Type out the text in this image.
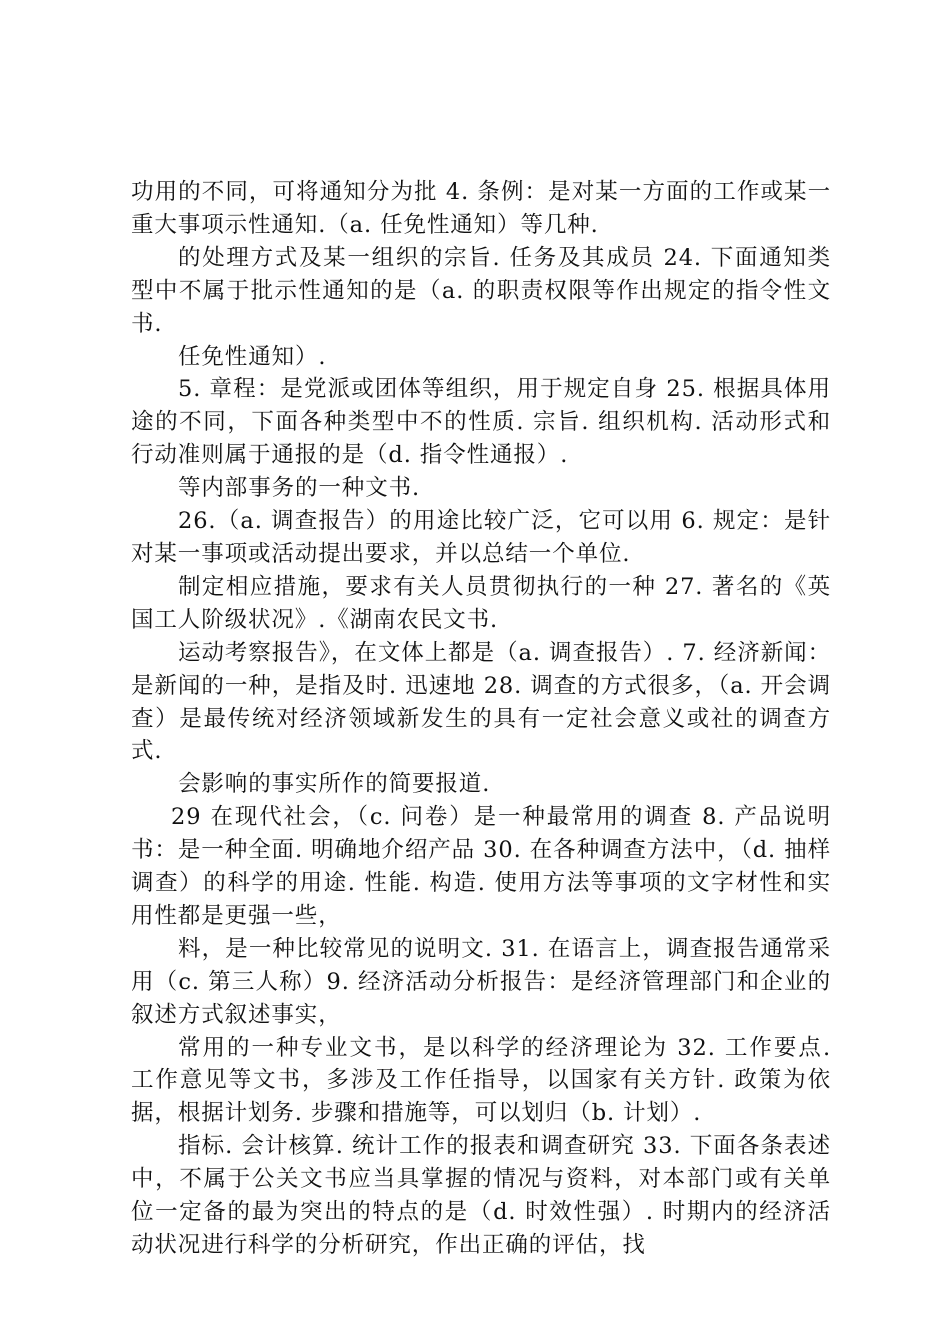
功用的不同，可将通知分为批 4. 条例：是对某一方面的工作或某一重大事项示性通知.（a. 任免性通知）等几种.

的处理方式及某一组织的宗旨. 任务及其成员 24. 下面通知类型中不属于批示性通知的是（a. 的职责权限等作出规定的指令性文书.

任免性通知）.

5. 章程：是党派或团体等组织，用于规定自身 25. 根据具体用途的不同，下面各种类型中不的性质. 宗旨. 组织机构. 活动形式和行动准则属于通报的是（d. 指令性通报）.

等内部事务的一种文书.

26.（a. 调查报告）的用途比较广泛，它可以用 6. 规定：是针对某一事项或活动提出要求，并以总结一个单位.

制定相应措施，要求有关人员贯彻执行的一种 27. 著名的《英国工人阶级状况》.《湖南农民文书.

运动考察报告》，在文体上都是（a. 调查报告）. 7. 经济新闻：是新闻的一种，是指及时. 迅速地 28. 调查的方式很多，（a. 开会调查）是最传统对经济领域新发生的具有一定社会意义或社的调查方式.

会影响的事实所作的简要报道.

29 在现代社会，（c. 问卷）是一种最常用的调查 8. 产品说明书：是一种全面. 明确地介绍产品 30. 在各种调查方法中，（d. 抽样调查）的科学的用途. 性能. 构造. 使用方法等事项的文字材性和实用性都是更强一些，

料，是一种比较常见的说明文. 31. 在语言上，调查报告通常采用（c. 第三人称）9. 经济活动分析报告：是经济管理部门和企业的叙述方式叙述事实，

常用的一种专业文书，是以科学的经济理论为 32. 工作要点. 工作意见等文书，多涉及工作任指导，以国家有关方针. 政策为依据，根据计划务. 步骤和措施等，可以划归（b. 计划）.

指标. 会计核算. 统计工作的报表和调查研究 33. 下面各条表述中，不属于公关文书应当具掌握的情况与资料，对本部门或有关单位一定备的最为突出的特点的是（d. 时效性强）. 时期内的经济活动状况进行科学的分析研究，作出正确的评估，找
